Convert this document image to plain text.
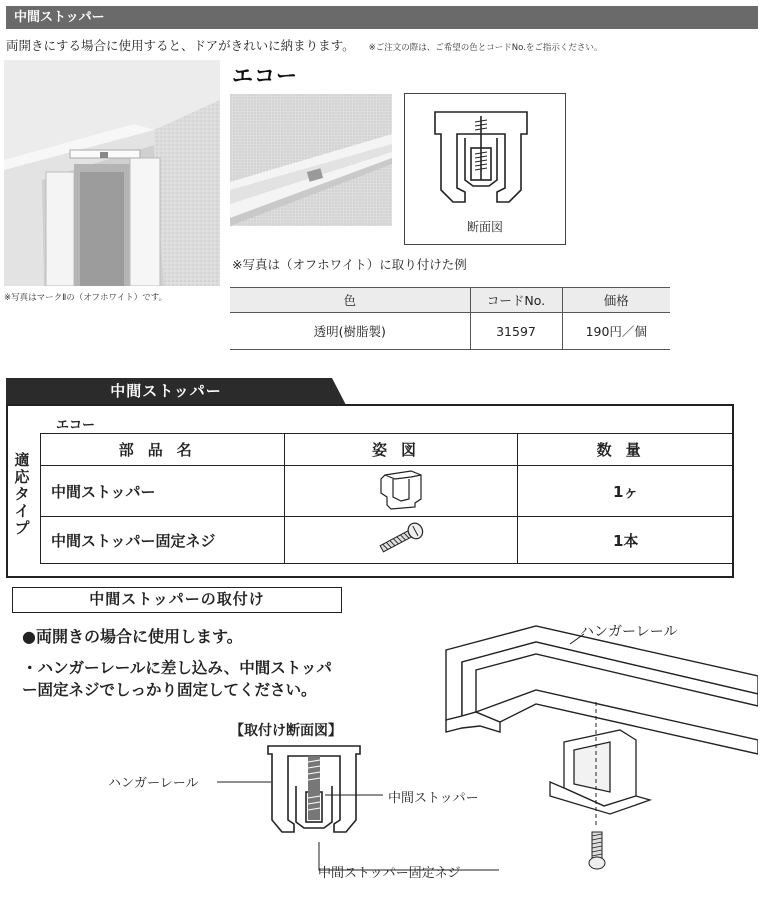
中間ストッパー
両開きにする場合に使用すると、ドアがきれいに納まります。 ※ご注文の際は、ご希望の色とコードNo.をご指示ください。
※写真はマークⅡの（オフホワイト）です。
エコー
断面図
※写真は（オフホワイト）に取り付けた例
色	コードNo.	価格
透明(樹脂製)	31597	190円／個
中間ストッパー
エコー
適
応
タ
イ
プ
部品名	姿図	数量
中間ストッパー		1ヶ
中間ストッパー固定ネジ		1本
中間ストッパーの取付け
●両開きの場合に使用します。
・ハンガーレールに差し込み、中間ストッパー固定ネジでしっかり固定してください。
【取付け断面図】
ハンガーレール
中間ストッパー
中間ストッパー固定ネジ
ハンガーレール
